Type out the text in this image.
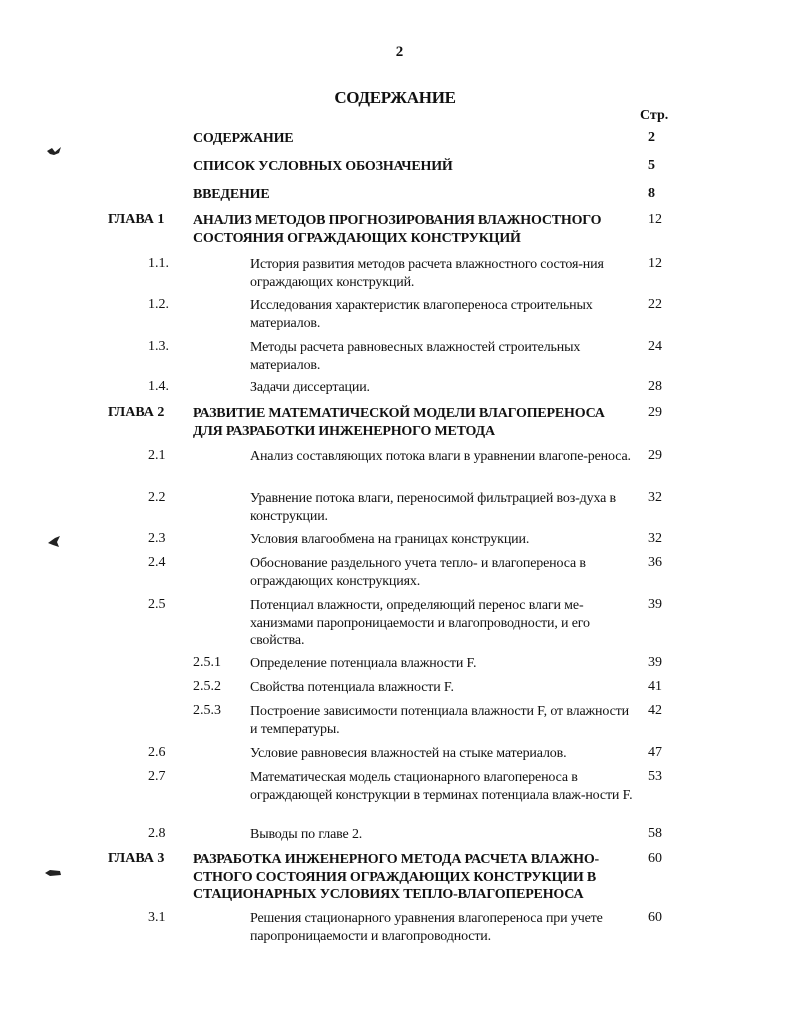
2
СОДЕРЖАНИЕ
Стр.
СОДЕРЖАНИЕ	2
СПИСОК УСЛОВНЫХ ОБОЗНАЧЕНИЙ	5
ВВЕДЕНИЕ	8
ГЛАВА 1 АНАЛИЗ МЕТОДОВ ПРОГНОЗИРОВАНИЯ ВЛАЖНОСТНОГО СОСТОЯНИЯ ОГРАЖДАЮЩИХ КОНСТРУКЦИЙ
12
1.1.	История развития методов расчета влажностного состоя-ния ограждающих конструкций.
12
1.2.	Исследования характеристик влагопереноса строительных материалов.
22
1.3.	Методы расчета равновесных влажностей строительных материалов.
24
1.4.	Задачи диссертации.	28
ГЛАВА 2 РАЗВИТИЕ МАТЕМАТИЧЕСКОЙ МОДЕЛИ ВЛАГОПЕРЕНОСА ДЛЯ РАЗРАБОТКИ ИНЖЕНЕРНОГО МЕТОДА
29
2.1	Анализ составляющих потока влаги в уравнении влагопе-реноса. 29
2.2	Уравнение потока влаги, переносимой фильтрацией воз-духа в конструкции.
32
2.3	Условия влагообмена на границах конструкции.	32
2.4	Обоснование раздельного учета тепло- и влагопереноса в ограждающих конструкциях.
36
2.5	Потенциал влажности, определяющий перенос влаги ме-ханизмами паропроницаемости и влагопроводности, и его свойства.
39
2.5.1 Определение потенциала влажности F.	39
2.5.2 Свойства потенциала влажности F.	41
2.5.3 Построение зависимости потенциала влажности F, от влажности и температуры.
42
2.6	Условие равновесия влажностей на стыке материалов.	47
2.7	Математическая модель стационарного влагопереноса в ограждающей конструкции в терминах потенциала влаж-ности F.
53
2.8	Выводы по главе 2.	58
ГЛАВА 3 РАЗРАБОТКА ИНЖЕНЕРНОГО МЕТОДА РАСЧЕТА ВЛАЖНО-СТНОГО СОСТОЯНИЯ ОГРАЖДАЮЩИХ КОНСТРУКЦИИ В СТАЦИОНАРНЫХ УСЛОВИЯХ ТЕПЛО-ВЛАГОПЕРЕНОСА
60
3.1	Решения стационарного уравнения влагопереноса при учете паропроницаемости и влагопроводности.
60
